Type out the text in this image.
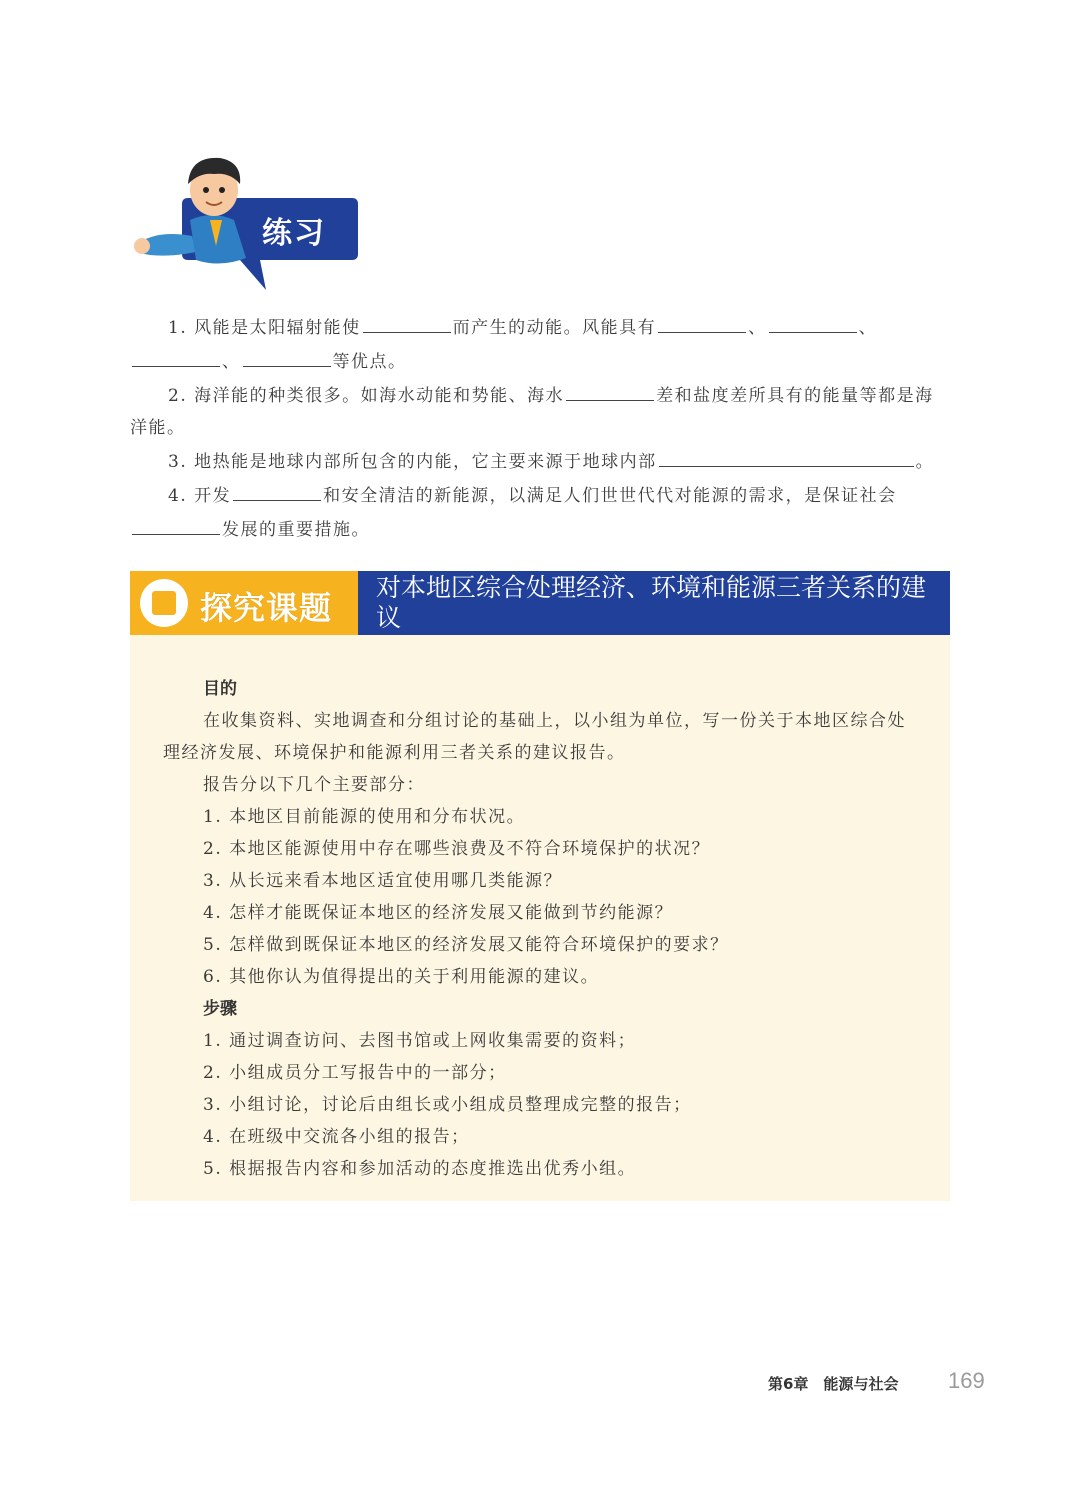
练习

1. 风能是太阳辐射能使	而产生的动能。风能具有	、	、
、	等优点。

2. 海洋能的种类很多。如海水动能和势能、海水	差和盐度差所具有的能量等都是海洋能。

3. 地热能是地球内部所包含的内能，它主要来源于地球内部	。

4. 开发	和安全清洁的新能源，以满足人们世世代代对能源的需求，是保证社会
发展的重要措施。

探究课题
对本地区综合处理经济、环境和能源三者关系的建议
目的

在收集资料、实地调查和分组讨论的基础上，以小组为单位，写一份关于本地区综合处理经济发展、环境保护和能源利用三者关系的建议报告。

报告分以下几个主要部分：
1. 本地区目前能源的使用和分布状况。
2. 本地区能源使用中存在哪些浪费及不符合环境保护的状况？
3. 从长远来看本地区适宜使用哪几类能源？
4. 怎样才能既保证本地区的经济发展又能做到节约能源？
5. 怎样做到既保证本地区的经济发展又能符合环境保护的要求？
6. 其他你认为值得提出的关于利用能源的建议。
步骤
1. 通过调查访问、去图书馆或上网收集需要的资料；
2. 小组成员分工写报告中的一部分；
3. 小组讨论，讨论后由组长或小组成员整理成完整的报告；
4. 在班级中交流各小组的报告；
5. 根据报告内容和参加活动的态度推选出优秀小组。
第6章　能源与社会 169
